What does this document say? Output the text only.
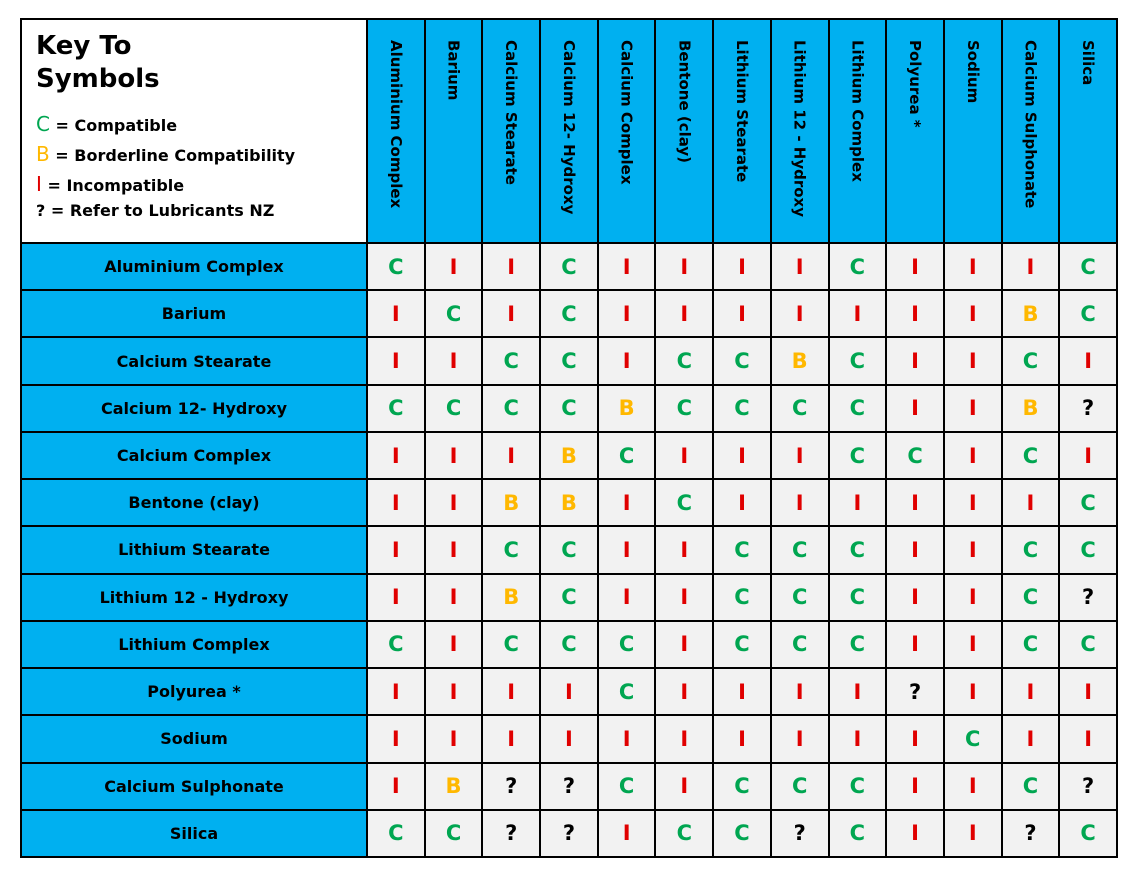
Key To
Symbols
C = Compatible
B = Borderline Compatibility
I = Incompatible
? = Refer to Lubricants NZ
Aluminium Complex	Barium	Calcium Stearate	Calcium 12- Hydroxy	Calcium Complex	Bentone (clay)	Lithium Stearate	Lithium 12 - Hydroxy	Lithium Complex	Polyurea *	Sodium	Calcium Sulphonate	Silica
Aluminium Complex	C	I	I	C	I	I	I	I	C	I	I	I	C
Barium	I	C	I	C	I	I	I	I	I	I	I	B	C
Calcium Stearate	I	I	C	C	I	C	C	B	C	I	I	C	I
Calcium 12- Hydroxy	C	C	C	C	B	C	C	C	C	I	I	B	?
Calcium Complex	I	I	I	B	C	I	I	I	C	C	I	C	I
Bentone (clay)	I	I	B	B	I	C	I	I	I	I	I	I	C
Lithium Stearate	I	I	C	C	I	I	C	C	C	I	I	C	C
Lithium 12 - Hydroxy	I	I	B	C	I	I	C	C	C	I	I	C	?
Lithium Complex	C	I	C	C	C	I	C	C	C	I	I	C	C
Polyurea *	I	I	I	I	C	I	I	I	I	?	I	I	I
Sodium	I	I	I	I	I	I	I	I	I	I	C	I	I
Calcium Sulphonate	I	B	?	?	C	I	C	C	C	I	I	C	?
Silica	C	C	?	?	I	C	C	?	C	I	I	?	C
